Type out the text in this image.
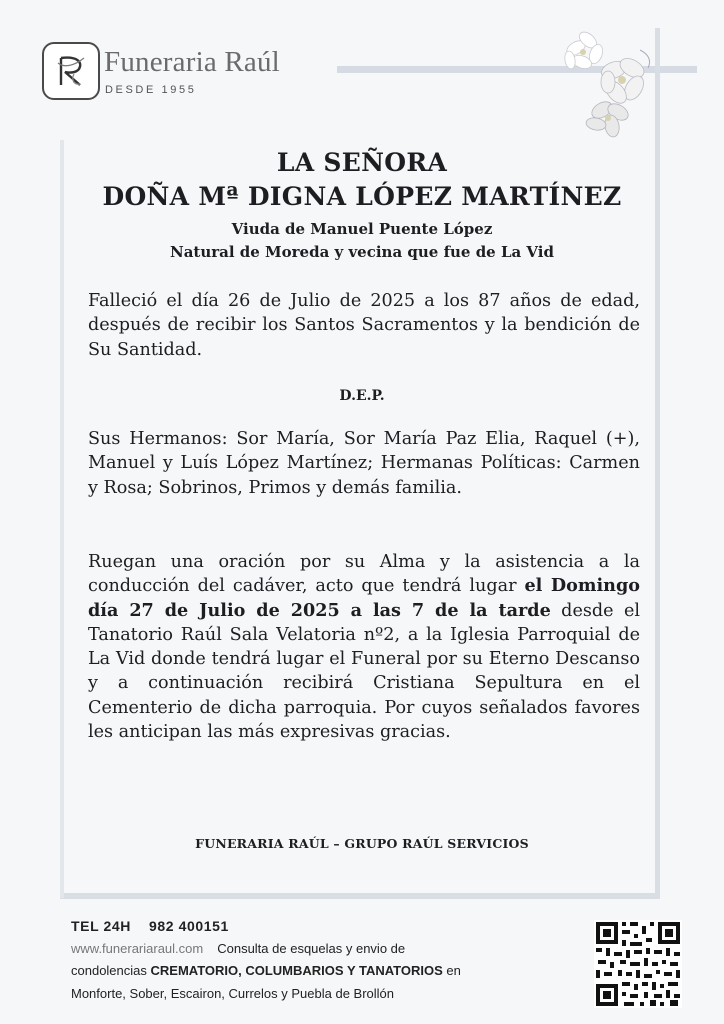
Funeraria Raúl
DESDE 1955
LA SEÑORA
DOÑA Mª DIGNA LÓPEZ MARTÍNEZ
Viuda de Manuel Puente López
Natural de Moreda y vecina que fue de La Vid
Falleció el día 26 de Julio de 2025 a los 87 años de edad, después de recibir los Santos Sacramentos y la bendición de Su Santidad.
D.E.P.
Sus Hermanos: Sor María, Sor María Paz Elia, Raquel (+), Manuel y Luís López Martínez; Hermanas Políticas: Carmen y Rosa; Sobrinos, Primos y demás familia.
Ruegan una oración por su Alma y la asistencia a la conducción del cadáver, acto que tendrá lugar el Domingo día 27 de Julio de 2025 a las 7 de la tarde desde el Tanatorio Raúl Sala Velatoria nº2, a la Iglesia Parroquial de La Vid donde tendrá lugar el Funeral por su Eterno Descanso y a continuación recibirá Cristiana Sepultura en el Cementerio de dicha parroquia. Por cuyos señalados favores les anticipan las más expresivas gracias.
FUNERARIA RAÚL – GRUPO RAÚL SERVICIOS
TEL 24H 982 400151
www.funerariaraul.com Consulta de esquelas y envio de
condolencias CREMATORIO, COLUMBARIOS Y TANATORIOS en
Monforte, Sober, Escairon, Currelos y Puebla de Brollón
